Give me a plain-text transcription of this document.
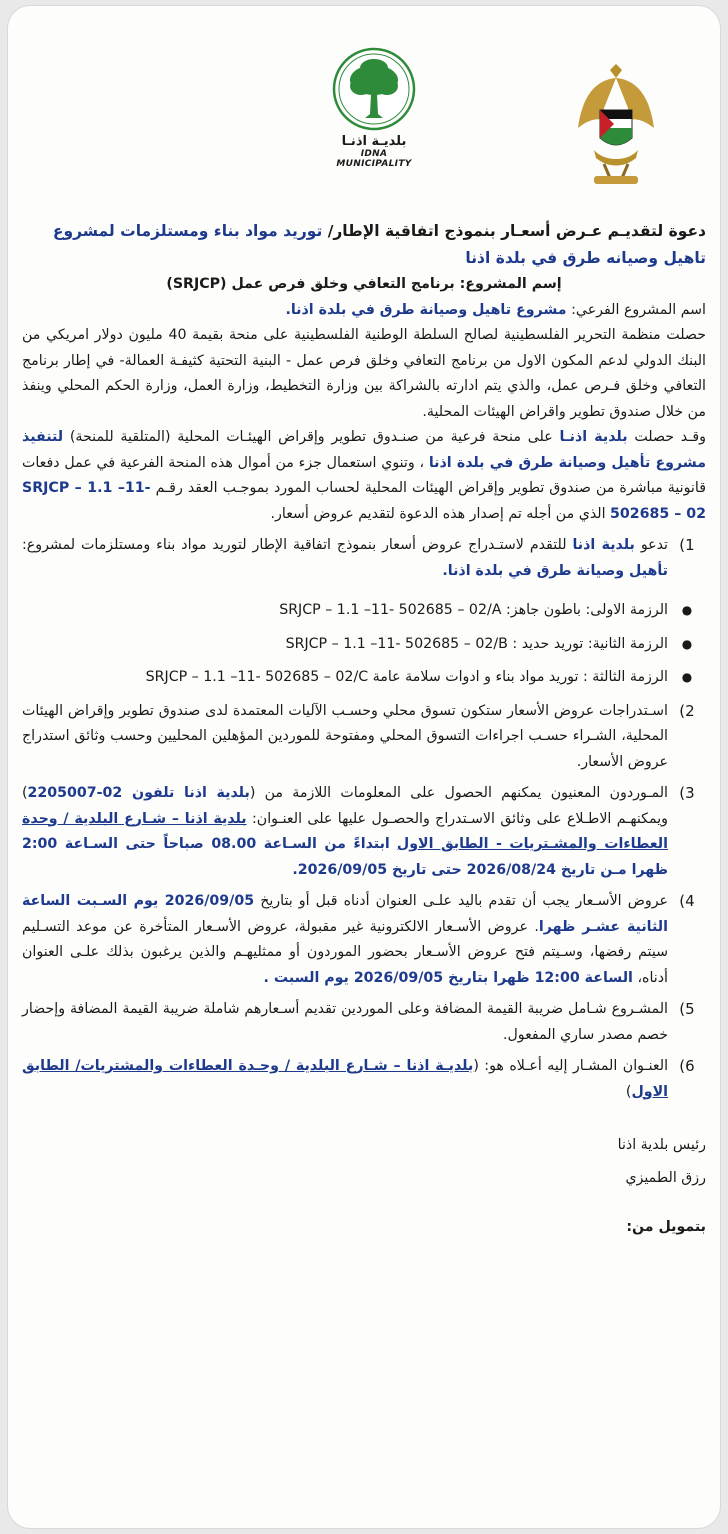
بلديـة اذنـا
IDNA MUNICIPALITY
دعوة لتقديـم عـرض أسعـار بنموذج اتفاقية الإطار/ توريد مواد بناء ومستلزمات لمشروع تاهيل وصيانه طرق في بلدة اذنا

إسم المشروع: برنامج التعافي وخلق فرص عمل (SRJCP)

اسم المشروع الفرعي: مشروع تاهيل وصيانة طرق في بلدة اذنا.

حصلت منظمة التحرير الفلسطينية لصالح السلطة الوطنية الفلسطينية على منحة بقيمة 40 مليون دولار امريكي من البنك الدولي لدعم المكون الاول من برنامج التعافي وخلق فرص عمل - البنية التحتية كثيفـة العمالة- في إطار برنامج التعافي وخلق فـرص عمل، والذي يتم ادارته بالشراكة بين وزارة التخطيط، وزارة العمل، وزارة الحكم المحلي وينفذ من خلال صندوق تطوير واقراض الهيئات المحلية.

وقـد حصلت بلدية اذنـا على منحة فرعية من صنـدوق تطوير وإقراض الهيئـات المحلية (المتلقية للمنحة) لتنفيذ مشروع تأهيل وصيانة طرق في بلدة اذنا ، وتنوي استعمال جزء من أموال هذه المنحة الفرعية في عمل دفعات قانونية مباشرة من صندوق تطوير وإقراض الهيئات المحلية لحساب المورد بموجـب العقد رقـم SRJCP – 1.1 –11- 502685 – 02 الذي من أجله تم إصدار هذه الدعوة لتقديم عروض أسعار.

1)
تدعو بلدية اذنا للتقدم لاستـدراج عروض أسعار بنموذج اتفاقية الإطار لتوريد مواد بناء ومستلزمات لمشروع: تأهيل وصيانة طرق في بلدة اذنا.
●
الرزمة الاولى: باطون جاهز: SRJCP – 1.1 –11- 502685 – 02/A
●
الرزمة الثانية: توريد حديد : SRJCP – 1.1 –11- 502685 – 02/B
●
الرزمة الثالثة : توريد مواد بناء و ادوات سلامة عامة SRJCP – 1.1 –11- 502685 – 02/C
2)
اسـتدراجات عروض الأسعار ستكون تسوق محلي وحسـب الآليات المعتمدة لدى صندوق تطوير وإقراض الهيئات المحلية، الشـراء حسـب اجراءات التسوق المحلي ومفتوحة للموردين المؤهلين المحليين وحسب وثائق استدراج عروض الأسعار.
3)
المـوردون المعنيون يمكنهم الحصول على المعلومات اللازمة من (بلدية اذنا تلفون 02-2205007) ويمكنهـم الاطـلاع على وثائق الاسـتدراج والحصـول عليها على العنـوان: بلدية اذنا – شـارع البلدية / وحدة العطاءات والمشـتريات - الطابق الاول ابتداءً من السـاعة 08.00 صباحاً حتى السـاعة 2:00 ظهرا مـن تاريخ 2026/08/24 حتى تاريخ 2026/09/05.
4)
عروض الأسـعار يجب أن تقدم باليد علـى العنوان أدناه قبل أو بتاريخ 2026/09/05 يوم السـبت الساعة الثانية عشـر ظهرا. عروض الأسـعار الالكترونية غير مقبولة، عروض الأسـعار المتأخرة عن موعد التسـليم سيتم رفضها، وسـيتم فتح عروض الأسـعار بحضور الموردون أو ممثليهـم والذين يرغبون بذلك علـى العنوان أدناه، الساعة 12:00 ظهرا بتاريخ 2026/09/05 يوم السبت .
5)
المشـروع شـامل ضريبة القيمة المضافة وعلى الموردين تقديم أسـعارهم شاملة ضريبة القيمة المضافة وإحضار خصم مصدر ساري المفعول.
6)
العنـوان المشـار إليه أعـلاه هو: (بلديـة اذنا – شـارع البلدية / وحـدة العطاءات والمشتريات/ الطابق الاول)
رئيس بلدية اذنا
رزق الطميزي
بتمويل من:
